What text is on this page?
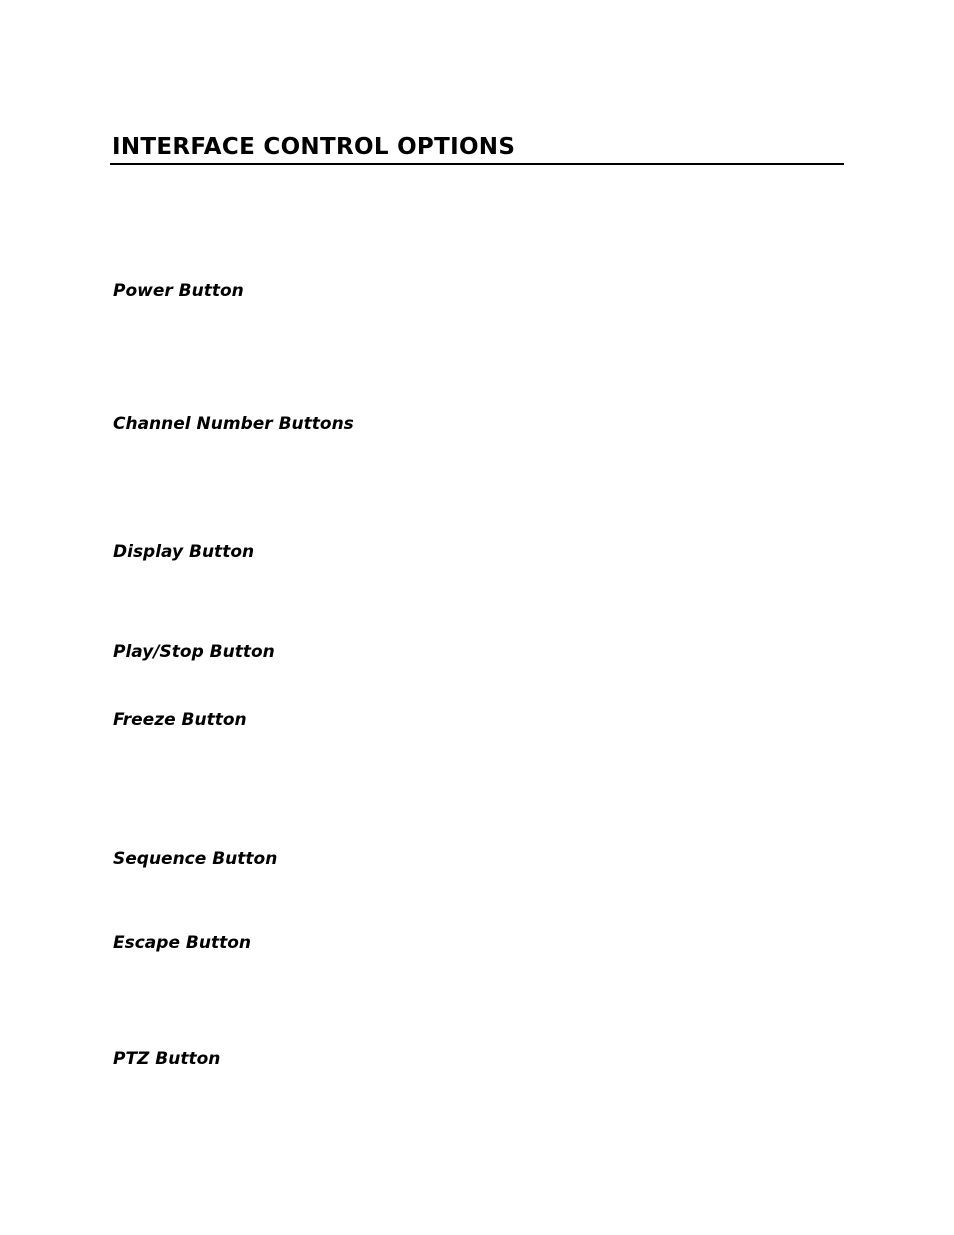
INTERFACE CONTROL OPTIONS
Power Button
Channel Number Buttons
Display Button
Play/Stop Button
Freeze Button
Sequence Button
Escape Button
PTZ Button
